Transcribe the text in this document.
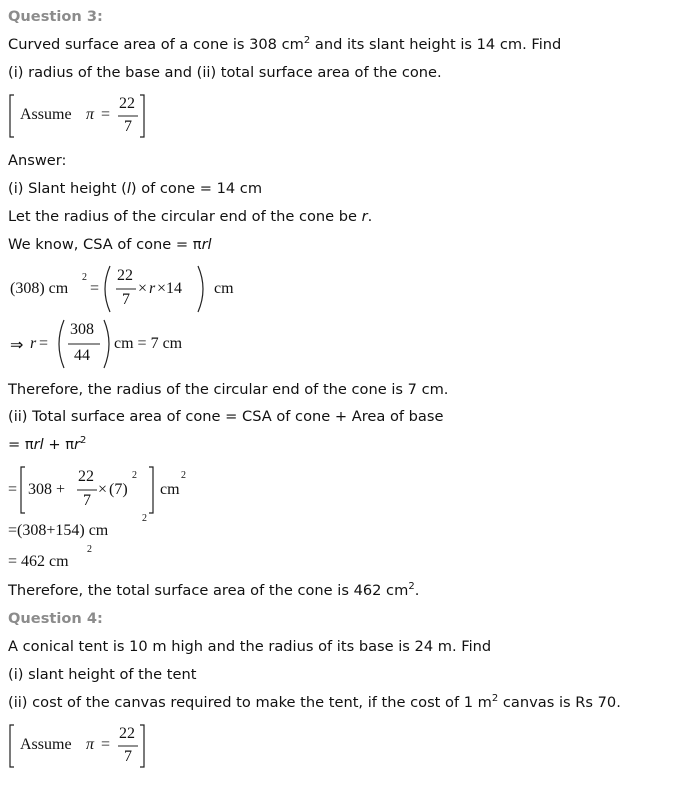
Question 3:
Curved surface area of a cone is 308 $cm^2$ and its slant height is 14 cm. Find
(i) radius of the base and (ii) total surface area of the cone.
Assume π =
22
7
Answer:
(i) Slant height (l) of cone = 14 cm
Let the radius of the circular end of the cone be r.
We know, CSA of cone = πrl
(308) cm
2
=
22
7
× r ×14 cm
⇒ r =
308
44
cm = 7 cm
Therefore, the radius of the circular end of the cone is 7 cm.
(ii) Total surface area of cone = CSA of cone + Area of base
= $\pi rl + \pi r^2$
= 308 +
22
7
× (7)
2
cm
2
=(308+154) cm
2
= 462 cm
2
Therefore, the total surface area of the cone is 462 $cm^2$.
Question 4:
A conical tent is 10 m high and the radius of its base is 24 m. Find
(i) slant height of the tent
(ii) cost of the canvas required to make the tent, if the cost of 1 $m^2$ canvas is Rs 70.
Assume π =
22
7
